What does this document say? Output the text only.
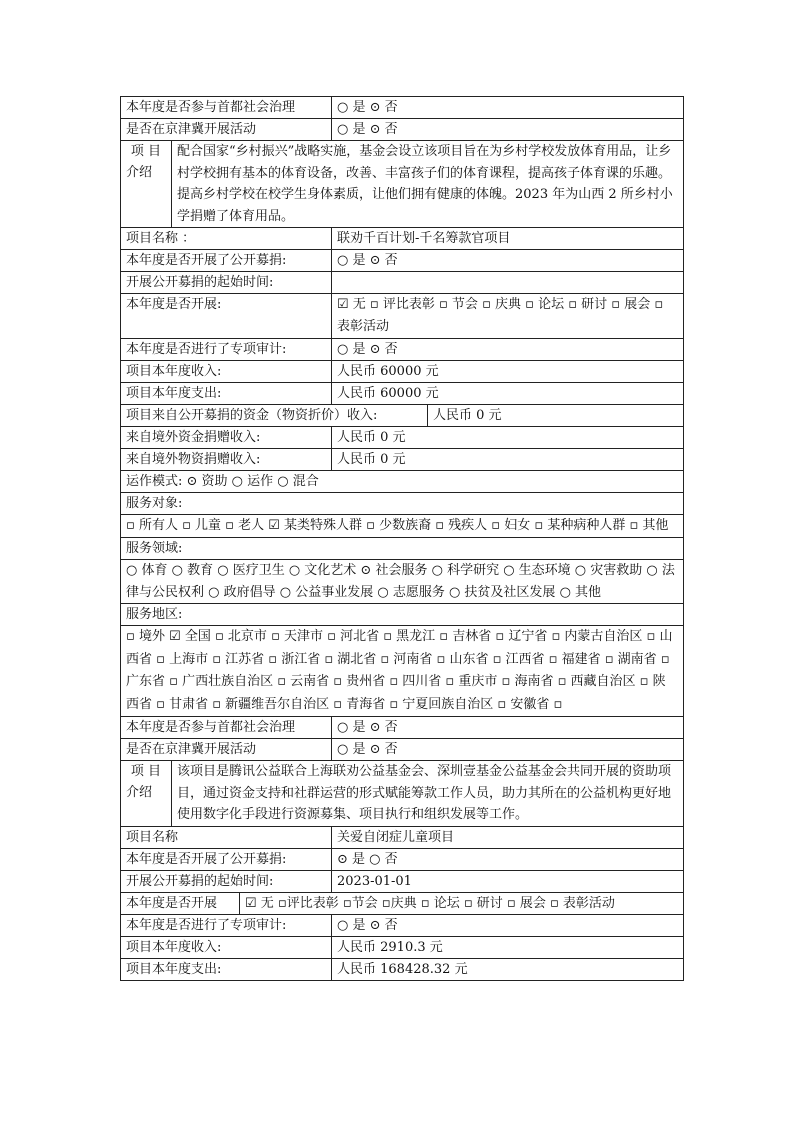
本年度是否参与首都社会治理	○ 是 ⊙ 否
是否在京津冀开展活动	○ 是 ⊙ 否

项 目
介绍
配合国家“乡村振兴”战略实施，基金会设立该项目旨在为乡村学校发放体育用品，让乡村学校拥有基本的体育设备，改善、丰富孩子们的体育课程，提高孩子体育课的乐趣。提高乡村学校在校学生身体素质，让他们拥有健康的体魄。2023 年为山西 2 所乡村小学捐赠了体育用品。	

项目名称 ：	联劝千百计划-千名筹款官项目
本年度是否开展了公开募捐:	○ 是 ⊙ 否
开展公开募捐的起始时间:	
本年度是否开展:	☑ 无 ▫ 评比表彰 ▫ 节会 ▫ 庆典 ▫ 论坛 ▫ 研讨 ▫ 展会 ▫ 表彰活动
本年度是否进行了专项审计:	○ 是 ⊙ 否
项目本年度收入:	人民币 60000 元
项目本年度支出:	人民币 60000 元

项目来自公开募捐的资金（物资折价）收入: 人民币 0 元	

来自境外资金捐赠收入:	人民币 0 元
来自境外物资捐赠收入:	人民币 0 元
运作模式: ⊙ 资助 ○ 运作 ○ 混合	
服务对象:	
▫ 所有人 ▫ 儿童 ▫ 老人 ☑ 某类特殊人群 ▫ 少数族裔 ▫ 残疾人 ▫ 妇女 ▫ 某种病种人群 ▫ 其他	
服务领域:	
○ 体育 ○ 教育 ○ 医疗卫生 ○ 文化艺术 ⊙ 社会服务 ○ 科学研究 ○ 生态环境 ○ 灾害救助 ○ 法律与公民权利 ○ 政府倡导 ○ 公益事业发展 ○ 志愿服务 ○ 扶贫及社区发展 ○ 其他	
服务地区:	
▫ 境外 ☑ 全国 ▫ 北京市 ▫ 天津市 ▫ 河北省 ▫ 黑龙江 ▫ 吉林省 ▫ 辽宁省 ▫ 内蒙古自治区 ▫ 山西省 ▫ 上海市 ▫ 江苏省 ▫ 浙江省 ▫ 湖北省 ▫ 河南省 ▫ 山东省 ▫ 江西省 ▫ 福建省 ▫ 湖南省 ▫ 广东省 ▫ 广西壮族自治区 ▫ 云南省 ▫ 贵州省 ▫ 四川省 ▫ 重庆市 ▫ 海南省 ▫ 西藏自治区 ▫ 陕西省 ▫ 甘肃省 ▫ 新疆维吾尔自治区 ▫ 青海省 ▫ 宁夏回族自治区 ▫ 安徽省 ▫	
本年度是否参与首都社会治理	○ 是 ⊙ 否
是否在京津冀开展活动	○ 是 ⊙ 否

项 目
介绍
该项目是腾讯公益联合上海联劝公益基金会、深圳壹基金公益基金会共同开展的资助项目，通过资金支持和社群运营的形式赋能筹款工作人员，助力其所在的公益机构更好地使用数字化手段进行资源募集、项目执行和组织发展等工作。	

项目名称	关爱自闭症儿童项目
本年度是否开展了公开募捐:	⊙ 是 ○ 否
开展公开募捐的起始时间:	2023-01-01

本年度是否开展 ☑ 无 ▫评比表彰 ▫节会 ▫庆典 ▫ 论坛 ▫ 研讨 ▫ 展会 ▫ 表彰活动	

本年度是否进行了专项审计:	○ 是 ⊙ 否
项目本年度收入:	人民币 2910.3 元
项目本年度支出:	人民币 168428.32 元
